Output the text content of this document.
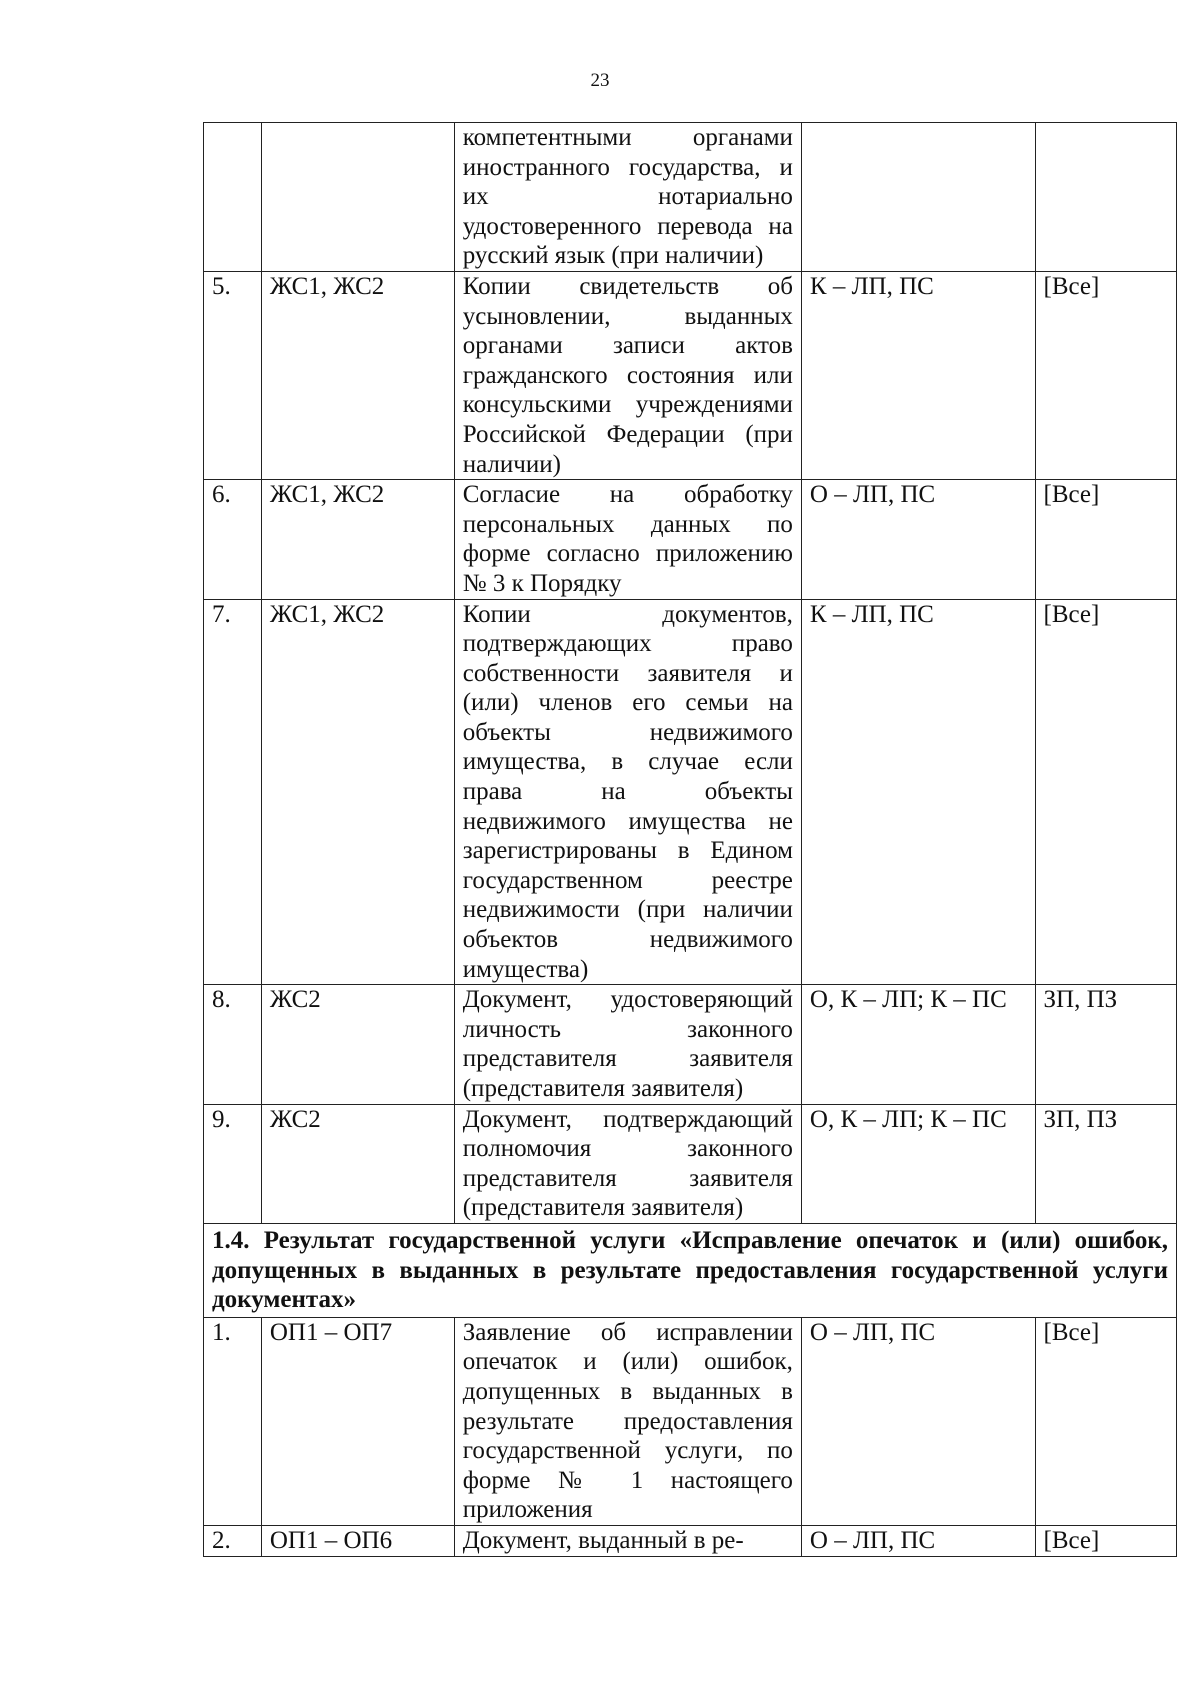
23
		компетентными органами иностранного государства, и их нотариально удостоверенного перевода на русский язык (при наличии)		
5.	ЖС1, ЖС2	Копии свидетельств об усыновлении, выданных органами записи актов гражданского состояния или консульскими учреждениями Российской Федерации (при наличии)	К – ЛП, ПС	[Все]
6.	ЖС1, ЖС2	Согласие на обработку персональных данных по форме согласно приложению № 3 к Порядку	О – ЛП, ПС	[Все]
7.	ЖС1, ЖС2	Копии документов, подтверждающих право собственности заявителя и (или) членов его семьи на объекты недвижимого имущества, в случае если права на объекты недвижимого имущества не зарегистрированы в Едином государственном реестре недвижимости (при наличии объектов недвижимого имущества)	К – ЛП, ПС	[Все]
8.	ЖС2	Документ, удостоверяющий личность законного представителя заявителя (представителя заявителя)	О, К – ЛП; К – ПС	ЗП, ПЗ
9.	ЖС2	Документ, подтверждающий полномочия законного представителя заявителя (представителя заявителя)	О, К – ЛП; К – ПС	ЗП, ПЗ
1.4. Результат государственной услуги «Исправление опечаток и (или) ошибок, допущенных в выданных в результате предоставления государственной услуги документах»				
1.	ОП1 – ОП7	Заявление об исправлении опечаток и (или) ошибок, допущенных в выданных в результате предоставления государственной услуги, по форме № 1 настоящего приложения	О – ЛП, ПС	[Все]
2.	ОП1 – ОП6	Документ, выданный в ре-	О – ЛП, ПС	[Все]
